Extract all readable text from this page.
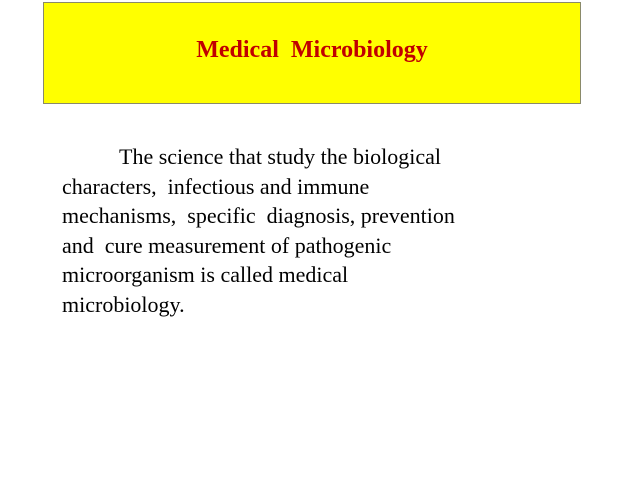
Medical  Microbiology
The science that study the biological
characters,  infectious and immune
mechanisms,  specific  diagnosis, prevention
and  cure measurement of pathogenic
microorganism is called medical
microbiology.
